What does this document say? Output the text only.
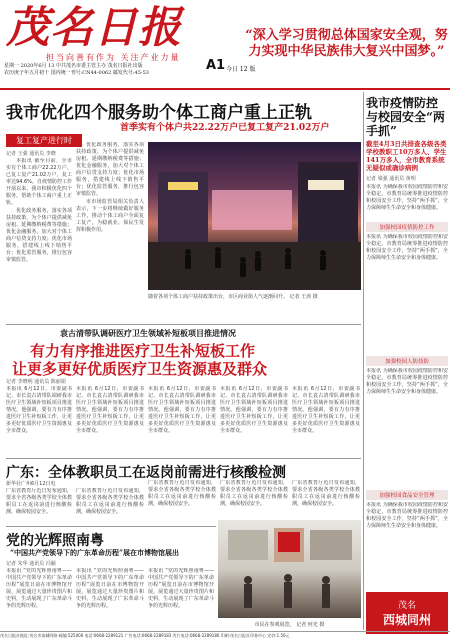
茂名日报
担当向善有作为 关注产业力量
星期一 2020年6月 13 中共茂名市委主管主办 茂名日报社出版
农历庚子年五月初十 国内统一刊号:CN44-0062 邮发代号:45-53	A1 今日 12 版
“深入学习贯彻总体国家安全观，努力实现中华民族伟大复兴中国梦。”
我市优化四个服务助个体工商户重上正轨
首季实有个体户共22.22万户已复工复产21.02万户
复工复产进行时
记者 王强 通讯员 李晓

本报讯 截至目前，全市实有个体工商户22.22万户，已复工复产21.02万户，复工率达94.6%。自疫情防控工作开展以来，我市积极优化四个服务，帮助个体工商户重上正轨。

优化政务服务，落实各项扶持政策，为个体户提供减免房租、延期缴纳税费等措施；优化金融服务，加大对个体工商户信贷支持力度；优化市场服务，搭建线上线下销售平台；优化监管服务，推行包容审慎监管。

优化政务服务，落实各项扶持政策，为个体户提供减免房租、延期缴纳税费等措施；优化金融服务，加大对个体工商户信贷支持力度；优化市场服务，搭建线上线下销售平台；优化监管服务，推行包容审慎监管。

市市场监管局相关负责人表示，下一步将继续做好服务工作，推动个体工商户全面复工复产，为稳就业、保民生发挥积极作用。

随着各项个体工商户扶持政策出台，市区商业街人气逐渐回升。 记者 王涛 摄
我市疫情防控与校园安全“两手抓”
截至4月3日共排查各级各类学校教职工10万多人、学生141万多人，全市教育系统无疑似或确诊病例
记者 梁强 通讯员 黄明
本报讯 为确保我市校园疫情防控和安全稳定，市教育局统筹推进疫情防控和校园安全工作，坚持“两手抓”，全力保障师生生命安全和身体健康。
加强校园疫情防控工作
本报讯 为确保我市校园疫情防控和安全稳定，市教育局统筹推进疫情防控和校园安全工作，坚持“两手抓”，全力保障师生生命安全和身体健康。
加强校园人防技防
本报讯 为确保我市校园疫情防控和安全稳定，市教育局统筹推进疫情防控和校园安全工作，坚持“两手抓”，全力保障师生生命安全和身体健康。
加强校园食品安全管理
本报讯 为确保我市校园疫情防控和安全稳定，市教育局统筹推进疫情防控和校园安全工作，坚持“两手抓”，全力保障师生生命安全和身体健康。
袁古清带队调研医疗卫生领域补短板项目推进情况
有力有序推进医疗卫生补短板工作
让更多更好优质医疗卫生资源惠及群众
记者 李晓明 通讯员 陈丽娟
本报讯 6月12日，市委副书记、市长袁古清带队调研我市医疗卫生领域补短板项目推进情况。他强调，要有力有序推进医疗卫生补短板工作，让更多更好优质医疗卫生资源惠及全市群众。
本报讯 6月12日，市委副书记、市长袁古清带队调研我市医疗卫生领域补短板项目推进情况。他强调，要有力有序推进医疗卫生补短板工作，让更多更好优质医疗卫生资源惠及全市群众。
本报讯 6月12日，市委副书记、市长袁古清带队调研我市医疗卫生领域补短板项目推进情况。他强调，要有力有序推进医疗卫生补短板工作，让更多更好优质医疗卫生资源惠及全市群众。
本报讯 6月12日，市委副书记、市长袁古清带队调研我市医疗卫生领域补短板项目推进情况。他强调，要有力有序推进医疗卫生补短板工作，让更多更好优质医疗卫生资源惠及全市群众。
本报讯 6月12日，市委副书记、市长袁古清带队调研我市医疗卫生领域补短板项目推进情况。他强调，要有力有序推进医疗卫生补短板工作，让更多更好优质医疗卫生资源惠及全市群众。
广东：全体教职员工在返岗前需进行核酸检测
新华社广州6月12日电
广东省教育厅近日发布通知，要求全省各级各类学校全体教职员工在返岗前进行核酸检测，确保校园安全。
广东省教育厅近日发布通知，要求全省各级各类学校全体教职员工在返岗前进行核酸检测，确保校园安全。
广东省教育厅近日发布通知，要求全省各级各类学校全体教职员工在返岗前进行核酸检测，确保校园安全。
广东省教育厅近日发布通知，要求全省各级各类学校全体教职员工在返岗前进行核酸检测，确保校园安全。
广东省教育厅近日发布通知，要求全省各级各类学校全体教职员工在返岗前进行核酸检测，确保校园安全。
党的光辉照南粤
“中国共产党领导下的广东革命历程”展在市博物馆展出
记者 朱华 通讯员 冯颖
本报讯 “党的光辉照南粤——中国共产党领导下的广东革命历程”展览日前在市博物馆开展，展览通过大量珍贵图片和史料，生动展现了广东革命斗争的光辉历程。
本报讯 “党的光辉照南粤——中国共产党领导下的广东革命历程”展览日前在市博物馆开展，展览通过大量珍贵图片和史料，生动展现了广东革命斗争的光辉历程。
本报讯 “党的光辉照南粤——中国共产党领导下的广东革命历程”展览日前在市博物馆开展，展览通过大量珍贵图片和史料，生动展现了广东革命斗争的光辉历程。
市民在参观展览。 记者 何光 摄
茂名
西城同州
茂名日报社地址:茂名市油城四路 邮编:525000 电话:0668-2289121 广告电话:0668-2289183 发行电话:0668-2289180 印刷:茂名日报社印务中心 定价:1.50元
